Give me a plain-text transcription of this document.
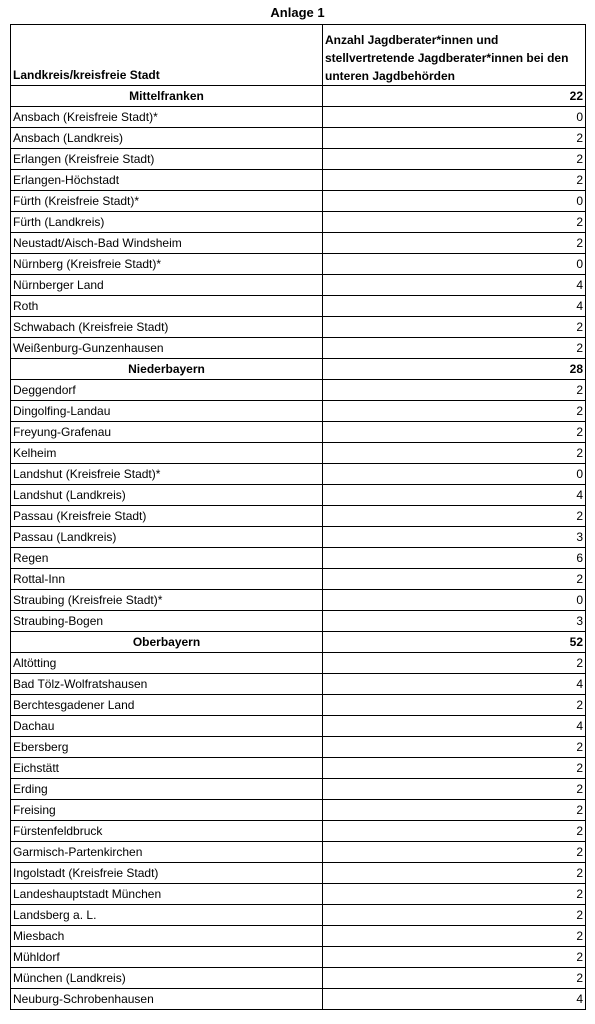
Anlage 1
Landkreis/kreisfreie Stadt	Anzahl Jagdberater*innen und stellvertretende Jagdberater*innen bei den unteren Jagdbehörden
Mittelfranken	22
Ansbach (Kreisfreie Stadt)*	0
Ansbach (Landkreis)	2
Erlangen (Kreisfreie Stadt)	2
Erlangen-Höchstadt	2
Fürth (Kreisfreie Stadt)*	0
Fürth (Landkreis)	2
Neustadt/Aisch-Bad Windsheim	2
Nürnberg (Kreisfreie Stadt)*	0
Nürnberger Land	4
Roth	4
Schwabach (Kreisfreie Stadt)	2
Weißenburg-Gunzenhausen	2
Niederbayern	28
Deggendorf	2
Dingolfing-Landau	2
Freyung-Grafenau	2
Kelheim	2
Landshut (Kreisfreie Stadt)*	0
Landshut (Landkreis)	4
Passau (Kreisfreie Stadt)	2
Passau (Landkreis)	3
Regen	6
Rottal-Inn	2
Straubing (Kreisfreie Stadt)*	0
Straubing-Bogen	3
Oberbayern	52
Altötting	2
Bad Tölz-Wolfratshausen	4
Berchtesgadener Land	2
Dachau	4
Ebersberg	2
Eichstätt	2
Erding	2
Freising	2
Fürstenfeldbruck	2
Garmisch-Partenkirchen	2
Ingolstadt (Kreisfreie Stadt)	2
Landeshauptstadt München	2
Landsberg a. L.	2
Miesbach	2
Mühldorf	2
München (Landkreis)	2
Neuburg-Schrobenhausen	4
